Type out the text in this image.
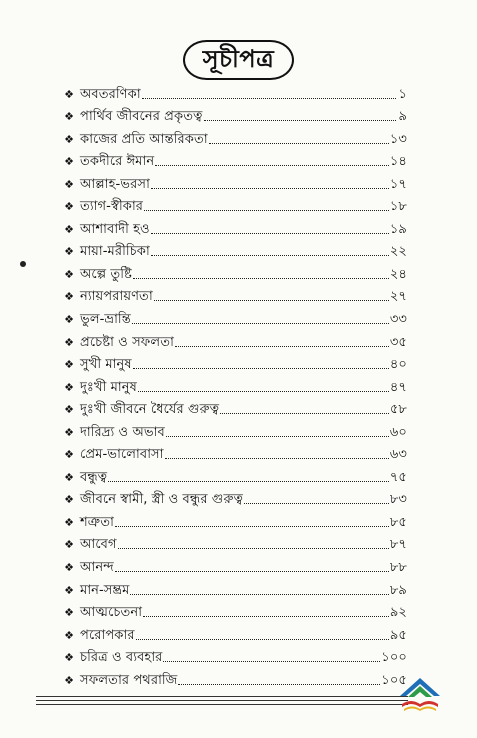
সূচীপত্র
❖ অবতরণিকা	১
❖ পার্থিব জীবনের প্রকৃতত্ব	৯
❖ কাজের প্রতি আন্তরিকতা	১৩
❖ তকদীরে ঈমান	১৪
❖ আল্লাহ-ভরসা	১৭
❖ ত্যাগ-স্বীকার	১৮
❖ আশাবাদী হও	১৯
❖ মায়া-মরীচিকা	২২
❖ অল্পে তুষ্টি	২৪
❖ ন্যায়পরায়ণতা	২৭
❖ ভুল-ভ্রান্তি	৩৩
❖ প্রচেষ্টা ও সফলতা	৩৫
❖ সুখী মানুষ	৪০
❖ দুঃখী মানুষ	৪৭
❖ দুঃখী জীবনে ধৈর্যের গুরুত্ব	৫৮
❖ দারিদ্র্য ও অভাব	৬০
❖ প্রেম-ভালোবাসা	৬৩
❖ বন্ধুত্ব	৭৫
❖ জীবনে স্বামী, স্ত্রী ও বন্ধুর গুরুত্ব	৮৩
❖ শত্রুতা	৮৫
❖ আবেগ	৮৭
❖ আনন্দ	৮৮
❖ মান-সম্ভ্রম	৮৯
❖ আত্মচেতনা	৯২
❖ পরোপকার	৯৫
❖ চরিত্র ও ব্যবহার	১০০
❖ সফলতার পথরাজি	১০৫
